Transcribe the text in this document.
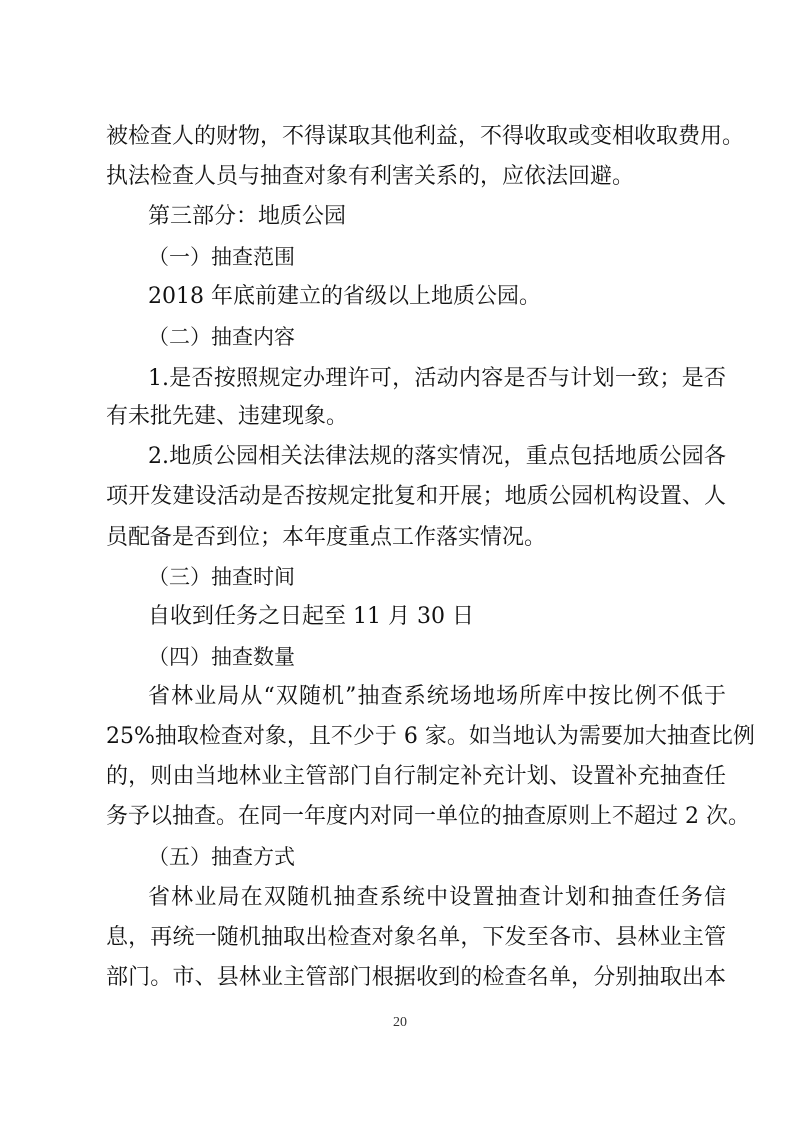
被检查人的财物，不得谋取其他利益，不得收取或变相收取费用。
执法检查人员与抽查对象有利害关系的，应依法回避。
第三部分：地质公园
（一）抽查范围
2018 年底前建立的省级以上地质公园。
（二）抽查内容
1.是否按照规定办理许可，活动内容是否与计划一致；是否
有未批先建、违建现象。
2.地质公园相关法律法规的落实情况，重点包括地质公园各
项开发建设活动是否按规定批复和开展；地质公园机构设置、人
员配备是否到位；本年度重点工作落实情况。
（三）抽查时间
自收到任务之日起至 11 月 30 日
（四）抽查数量
省林业局从“双随机”抽查系统场地场所库中按比例不低于
25%抽取检查对象，且不少于 6 家。如当地认为需要加大抽查比例
的，则由当地林业主管部门自行制定补充计划、设置补充抽查任
务予以抽查。在同一年度内对同一单位的抽查原则上不超过 2 次。
（五）抽查方式
省林业局在双随机抽查系统中设置抽查计划和抽查任务信
息，再统一随机抽取出检查对象名单，下发至各市、县林业主管
部门。市、县林业主管部门根据收到的检查名单，分别抽取出本
20
